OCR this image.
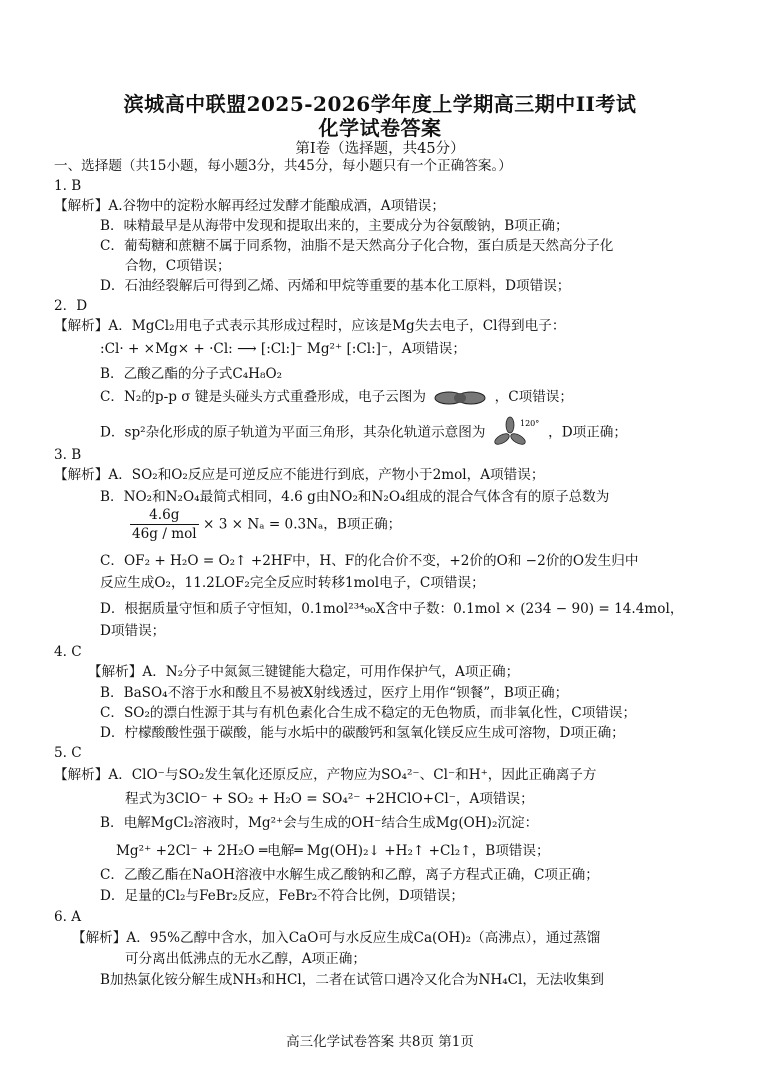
滨城高中联盟2025-2026学年度上学期高三期中II考试
化学试卷答案
第Ⅰ卷（选择题，共45分）
一、选择题（共15小题，每小题3分，共45分，每小题只有一个正确答案。）
1. B
【解析】A.谷物中的淀粉水解再经过发酵才能酿成酒，A项错误；
B．味精最早是从海带中发现和提取出来的，主要成分为谷氨酸钠，B项正确；
C．葡萄糖和蔗糖不属于同系物，油脂不是天然高分子化合物，蛋白质是天然高分子化
合物，C项错误；
D．石油经裂解后可得到乙烯、丙烯和甲烷等重要的基本化工原料，D项错误；
2．D
【解析】A．MgCl₂用电子式表示其形成过程时，应该是Mg失去电子，Cl得到电子：
:Cl· + ×Mg× + ·Cl: ⟶ [:Cl:]⁻ Mg²⁺ [:Cl:]⁻，A项错误；
B．乙酸乙酯的分子式C₄H₈O₂
C．N₂的p-p σ 键是头碰头方式重叠形成，电子云图为	，C项错误；
D．sp²杂化形成的原子轨道为平面三角形，其杂化轨道示意图为
120°
，D项正确；
3. B
【解析】A．SO₂和O₂反应是可逆反应不能进行到底，产物小于2mol，A项错误；
B．NO₂和N₂O₄最简式相同，4.6 g由NO₂和N₂O₄组成的混合气体含有的原子总数为
4.6g
46g / mol
× 3 × Nₐ = 0.3Nₐ，B项正确；
C．OF₂ + H₂O = O₂↑ +2HF中，H、F的化合价不变，+2价的O和 −2价的O发生归中
反应生成O₂，11.2LOF₂完全反应时转移1mol电子，C项错误；
D．根据质量守恒和质子守恒知，0.1mol²³⁴₉₀X含中子数：0.1mol × (234 − 90) = 14.4mol，
D项错误；
4. C
【解析】A．N₂分子中氮氮三键键能大稳定，可用作保护气，A项正确；
B．BaSO₄不溶于水和酸且不易被X射线透过，医疗上用作“钡餐”，B项正确；
C．SO₂的漂白性源于其与有机色素化合生成不稳定的无色物质，而非氧化性，C项错误；
D．柠檬酸酸性强于碳酸，能与水垢中的碳酸钙和氢氧化镁反应生成可溶物，D项正确；
5. C
【解析】A．ClO⁻与SO₂发生氧化还原反应，产物应为SO₄²⁻、Cl⁻和H⁺，因此正确离子方
程式为3ClO⁻ + SO₂ + H₂O = SO₄²⁻ +2HClO+Cl⁻，A项错误；
B．电解MgCl₂溶液时，Mg²⁺会与生成的OH⁻结合生成Mg(OH)₂沉淀：
Mg²⁺ +2Cl⁻ + 2H₂O ═电解═ Mg(OH)₂↓ +H₂↑ +Cl₂↑，B项错误；
C．乙酸乙酯在NaOH溶液中水解生成乙酸钠和乙醇，离子方程式正确，C项正确；
D．足量的Cl₂与FeBr₂反应，FeBr₂不符合比例，D项错误；
6. A
【解析】A．95%乙醇中含水，加入CaO可与水反应生成Ca(OH)₂（高沸点），通过蒸馏
可分离出低沸点的无水乙醇，A项正确；
B加热氯化铵分解生成NH₃和HCl，二者在试管口遇冷又化合为NH₄Cl，无法收集到
高三化学试卷答案 共8页 第1页
